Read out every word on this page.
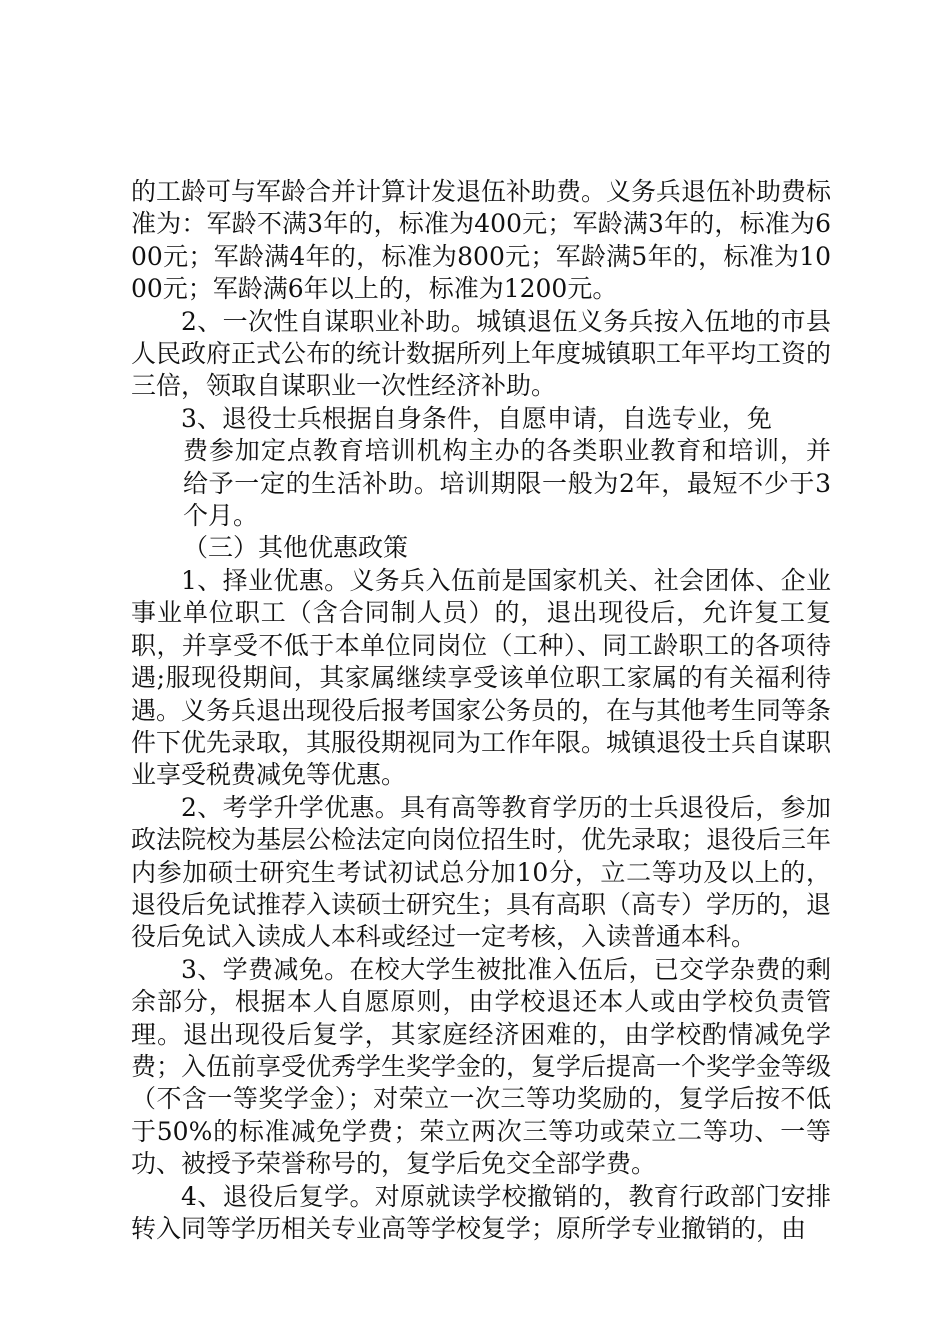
的工龄可与军龄合并计算计发退伍补助费。义务兵退伍补助费标准为：军龄不满3年的，标准为400元；军龄满3年的，标准为600元；军龄满4年的，标准为800元；军龄满5年的，标准为1000元；军龄满6年以上的，标准为1200元。

2、一次性自谋职业补助。城镇退伍义务兵按入伍地的市县人民政府正式公布的统计数据所列上年度城镇职工年平均工资的三倍，领取自谋职业一次性经济补助。

3、退役士兵根据自身条件，自愿申请，自选专业，免

费参加定点教育培训机构主办的各类职业教育和培训，并给予一定的生活补助。培训期限一般为2年，最短不少于3个月。

（三）其他优惠政策

1、择业优惠。义务兵入伍前是国家机关、社会团体、企业事业单位职工（含合同制人员）的，退出现役后，允许复工复职，并享受不低于本单位同岗位（工种）、同工龄职工的各项待遇;服现役期间，其家属继续享受该单位职工家属的有关福利待遇。义务兵退出现役后报考国家公务员的，在与其他考生同等条件下优先录取，其服役期视同为工作年限。城镇退役士兵自谋职业享受税费减免等优惠。

2、考学升学优惠。具有高等教育学历的士兵退役后，参加政法院校为基层公检法定向岗位招生时，优先录取；退役后三年内参加硕士研究生考试初试总分加10分，立二等功及以上的，退役后免试推荐入读硕士研究生；具有高职（高专）学历的，退役后免试入读成人本科或经过一定考核，入读普通本科。

3、学费减免。在校大学生被批准入伍后，已交学杂费的剩余部分，根据本人自愿原则，由学校退还本人或由学校负责管理。退出现役后复学，其家庭经济困难的，由学校酌情减免学费；入伍前享受优秀学生奖学金的，复学后提高一个奖学金等级（不含一等奖学金）；对荣立一次三等功奖励的，复学后按不低于50%的标准减免学费；荣立两次三等功或荣立二等功、一等功、被授予荣誉称号的，复学后免交全部学费。

4、退役后复学。对原就读学校撤销的，教育行政部门安排转入同等学历相关专业高等学校复学；原所学专业撤销的，由
